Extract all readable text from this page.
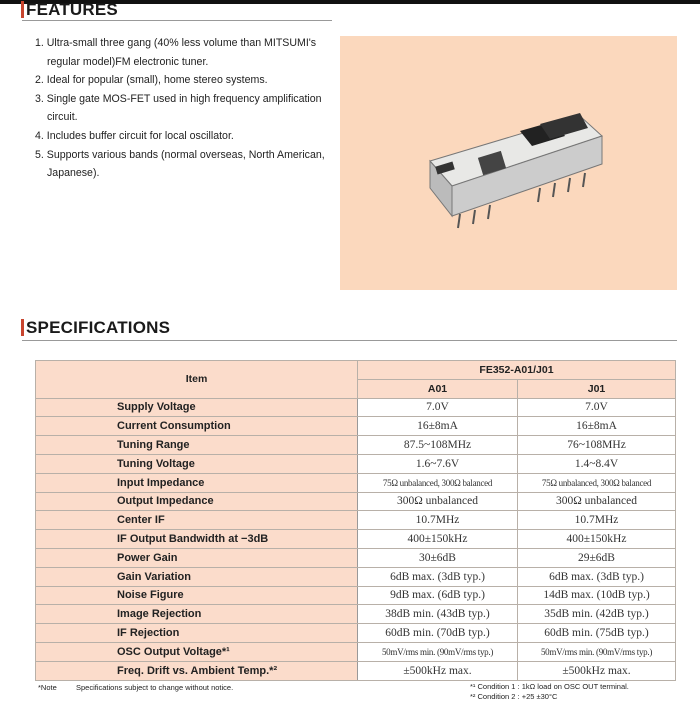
FEATURES
1. Ultra-small three gang (40% less volume than MITSUMI's regular model)FM electronic tuner.
2. Ideal for popular (small), home stereo systems.
3. Single gate MOS-FET used in high frequency amplification circuit.
4. Includes buffer circuit for local oscillator.
5. Supports various bands (normal overseas, North American, Japanese).
SPECIFICATIONS
Item	FE352-A01/J01	
	A01	J01
Supply Voltage	7.0V	7.0V
Current Consumption	16±8mA	16±8mA
Tuning Range	87.5~108MHz	76~108MHz
Tuning Voltage	1.6~7.6V	1.4~8.4V
Input Impedance	75Ω unbalanced, 300Ω balanced	75Ω unbalanced, 300Ω balanced
Output Impedance	300Ω unbalanced	300Ω unbalanced
Center IF	10.7MHz	10.7MHz
IF Output Bandwidth at −3dB	400±150kHz	400±150kHz
Power Gain	30±6dB	29±6dB
Gain Variation	6dB max. (3dB typ.)	6dB max. (3dB typ.)
Noise Figure	9dB max. (6dB typ.)	14dB max. (10dB typ.)
Image Rejection	38dB min. (43dB typ.)	35dB min. (42dB typ.)
IF Rejection	60dB min. (70dB typ.)	60dB min. (75dB typ.)
OSC Output Voltage*¹	50mV/rms min. (90mV/rms typ.)	50mV/rms min. (90mV/rms typ.)
Freq. Drift vs. Ambient Temp.*²	±500kHz max.	±500kHz max.
*Note	Specifications subject to change without notice.	*¹ Condition 1 : 1kΩ load on OSC OUT terminal.
*² Condition 2 : +25 ±30°C
